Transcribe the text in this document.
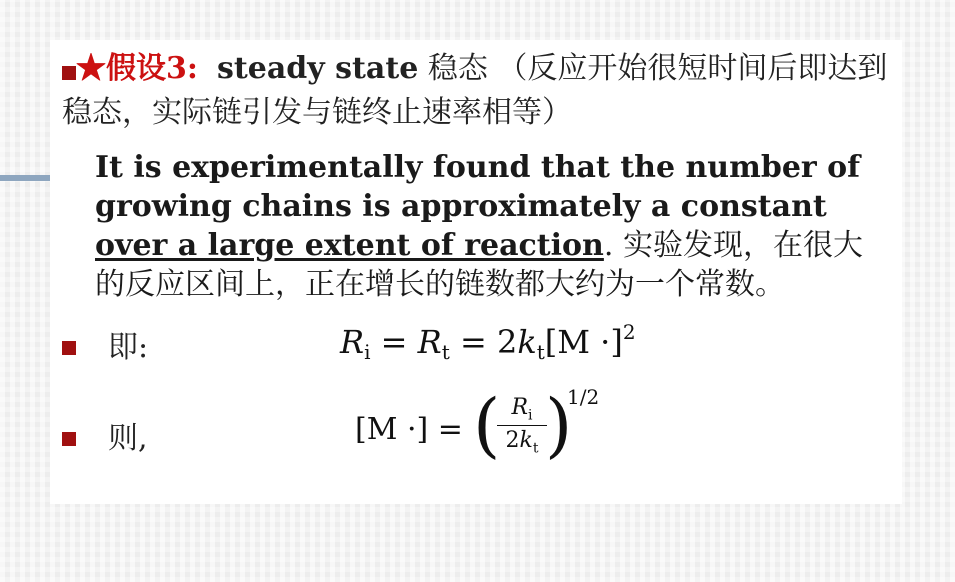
★假设3: steady state 稳态 （反应开始很短时间后即达到稳态，实际链引发与链终止速率相等）
It is experimentally found that the number of growing chains is approximately a constant over a large extent of reaction. 实验发现，在很大的反应区间上，正在增长的链数都大约为一个常数。
即:	$R_i = R_t = 2k_t[M \cdot]^2$
则,	[M ·] = (
$\frac{R_i}{2k_t}$
)
1/2
